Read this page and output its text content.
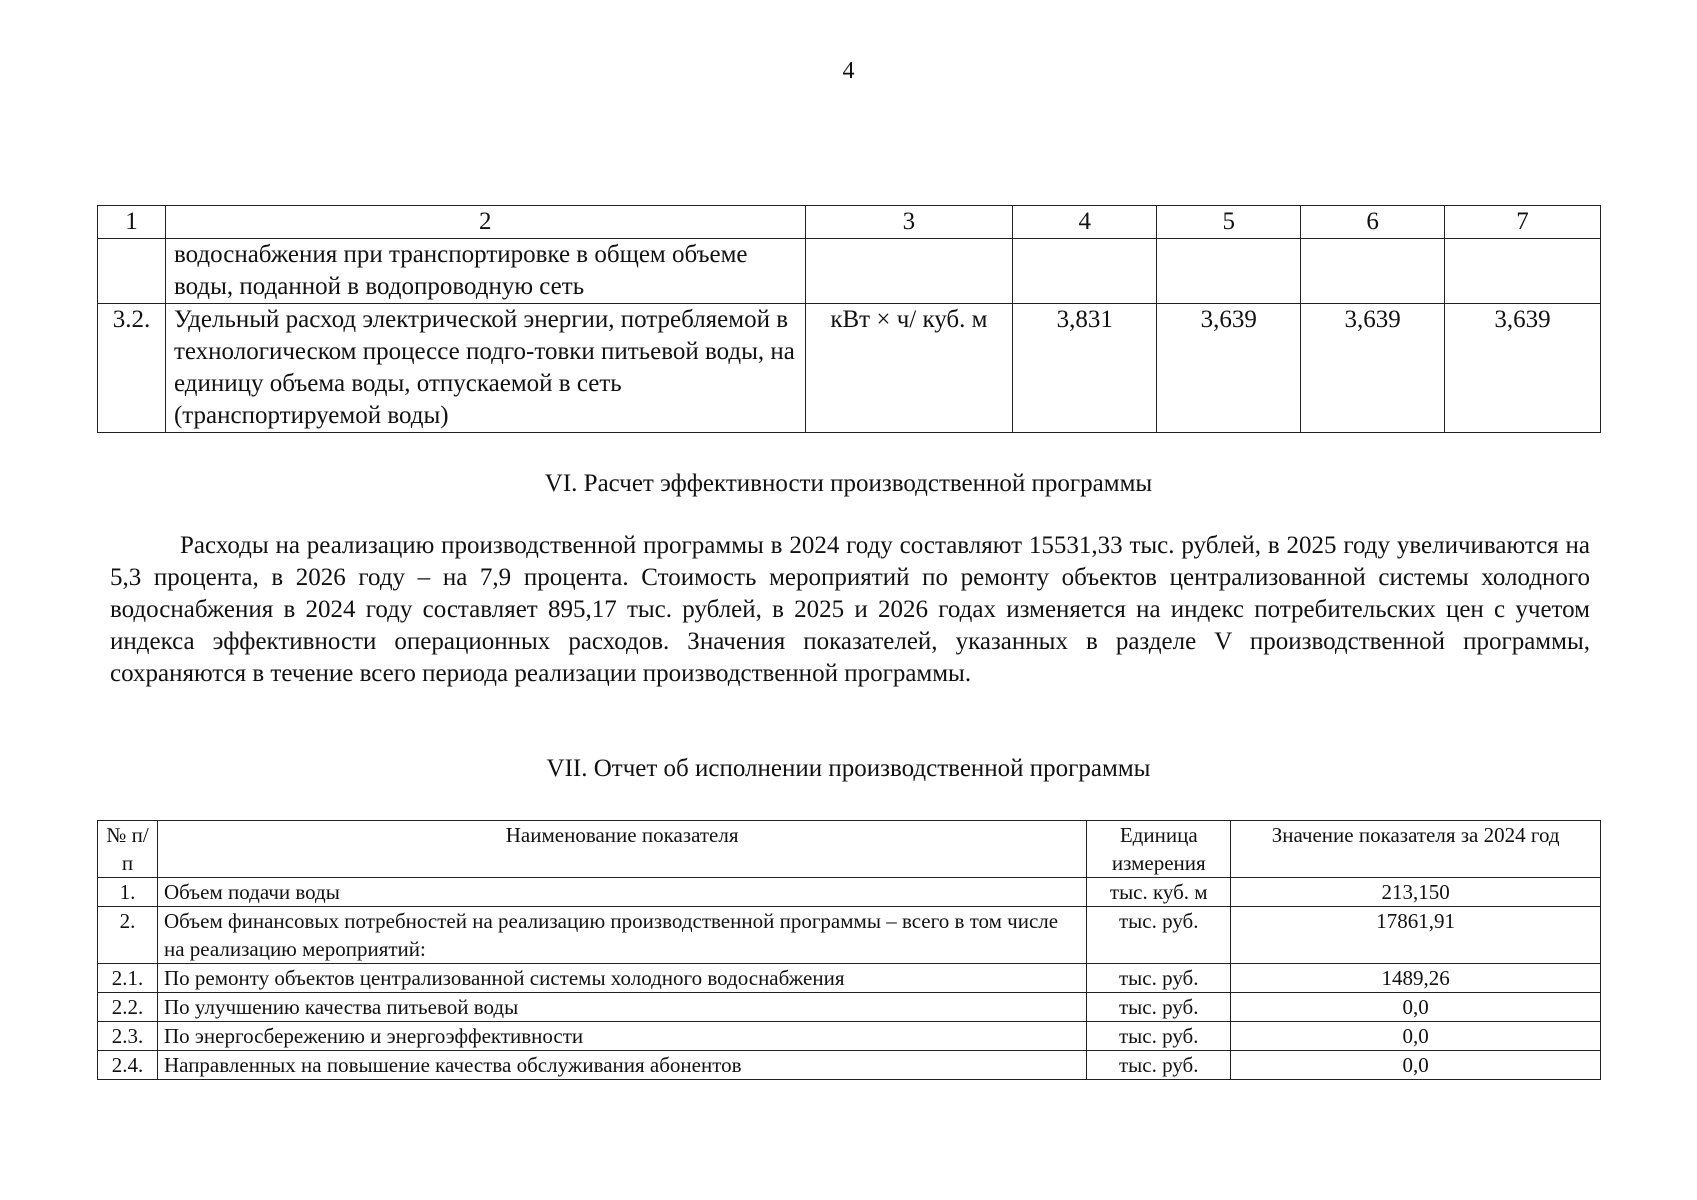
4
1	2	3	4	5	6	7
	водоснабжения при транспортировке в общем объеме воды, поданной в водопроводную сеть					
3.2.	Удельный расход электрической энергии, потребляемой в технологическом процессе подго-товки питьевой воды, на единицу объема воды, отпускаемой в сеть (транспортируемой воды)	кВт × ч/ куб. м	3,831	3,639	3,639	3,639
VI. Расчет эффективности производственной программы

Расходы на реализацию производственной программы в 2024 году составляют 15531,33 тыс. рублей, в 2025 году увеличиваются на 5,3 процента, в 2026 году – на 7,9 процента. Стоимость мероприятий по ремонту объектов централизованной системы холодного водоснабжения в 2024 году составляет 895,17 тыс. рублей, в 2025 и 2026 годах изменяется на индекс потребительских цен с учетом индекса эффективности операционных расходов. Значения показателей, указанных в разделе V производственной программы, сохраняются в течение всего периода реализации производственной программы.

VII. Отчет об исполнении производственной программы
№ п/п	Наименование показателя	Единица измерения	Значение показателя за 2024 год
1.	Объем подачи воды	тыс. куб. м	213,150
2.	Объем финансовых потребностей на реализацию производственной программы – всего в том числе на реализацию мероприятий:	тыс. руб.	17861,91
2.1.	По ремонту объектов централизованной системы холодного водоснабжения	тыс. руб.	1489,26
2.2.	По улучшению качества питьевой воды	тыс. руб.	0,0
2.3.	По энергосбережению и энергоэффективности	тыс. руб.	0,0
2.4.	Направленных на повышение качества обслуживания абонентов	тыс. руб.	0,0
